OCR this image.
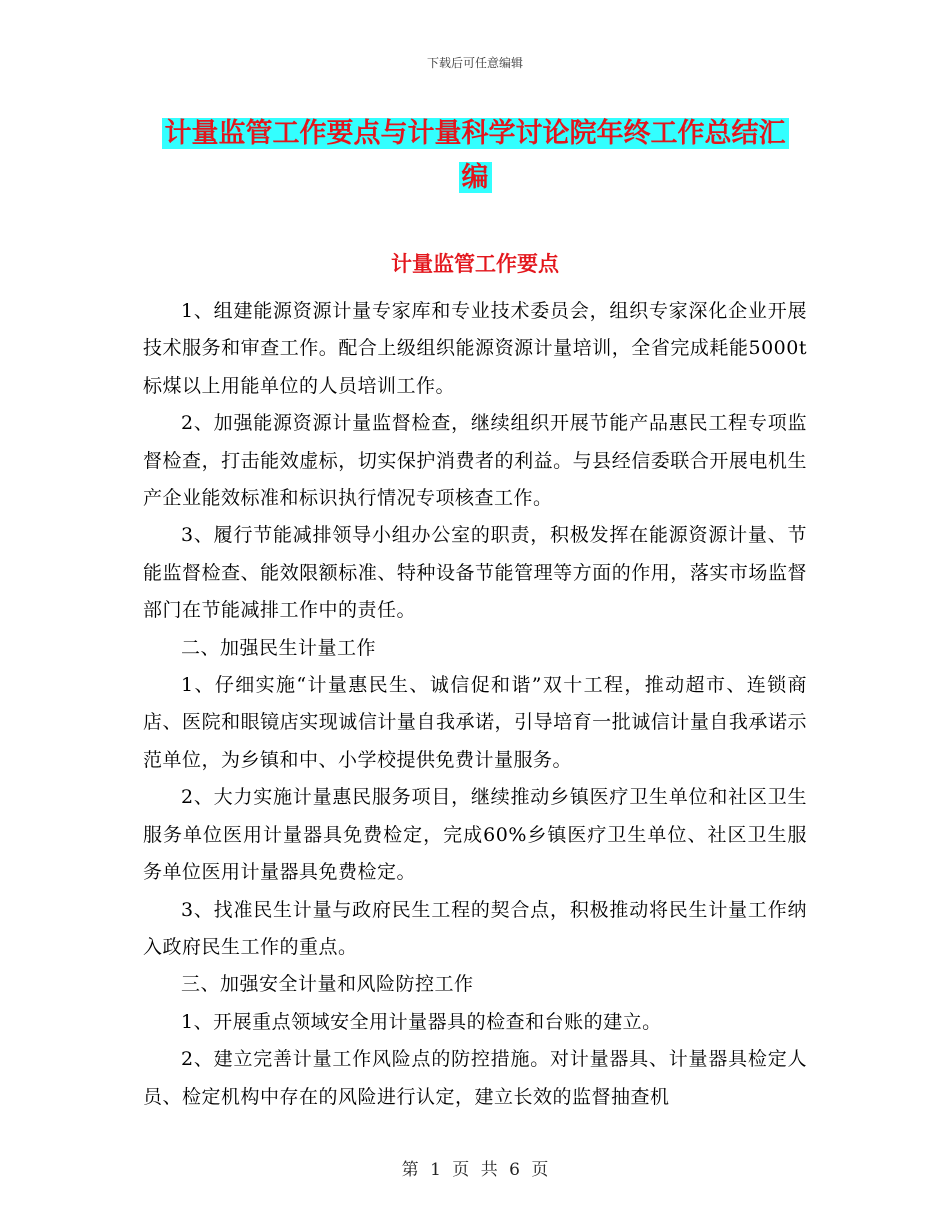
下载后可任意编辑
计量监管工作要点与计量科学讨论院年终工作总结汇
编
计量监管工作要点

1、组建能源资源计量专家库和专业技术委员会，组织专家深化企业开展技术服务和审查工作。配合上级组织能源资源计量培训，全省完成耗能5000t标煤以上用能单位的人员培训工作。

2、加强能源资源计量监督检查，继续组织开展节能产品惠民工程专项监督检查，打击能效虚标，切实保护消费者的利益。与县经信委联合开展电机生产企业能效标准和标识执行情况专项核查工作。

3、履行节能减排领导小组办公室的职责，积极发挥在能源资源计量、节能监督检查、能效限额标准、特种设备节能管理等方面的作用，落实市场监督部门在节能减排工作中的责任。

二、加强民生计量工作

1、仔细实施“计量惠民生、诚信促和谐”双十工程，推动超市、连锁商店、医院和眼镜店实现诚信计量自我承诺，引导培育一批诚信计量自我承诺示范单位，为乡镇和中、小学校提供免费计量服务。

2、大力实施计量惠民服务项目，继续推动乡镇医疗卫生单位和社区卫生服务单位医用计量器具免费检定，完成60%乡镇医疗卫生单位、社区卫生服务单位医用计量器具免费检定。

3、找准民生计量与政府民生工程的契合点，积极推动将民生计量工作纳入政府民生工作的重点。

三、加强安全计量和风险防控工作

1、开展重点领域安全用计量器具的检查和台账的建立。

2、建立完善计量工作风险点的防控措施。对计量器具、计量器具检定人员、检定机构中存在的风险进行认定，建立长效的监督抽查机

第 1 页 共 6 页
